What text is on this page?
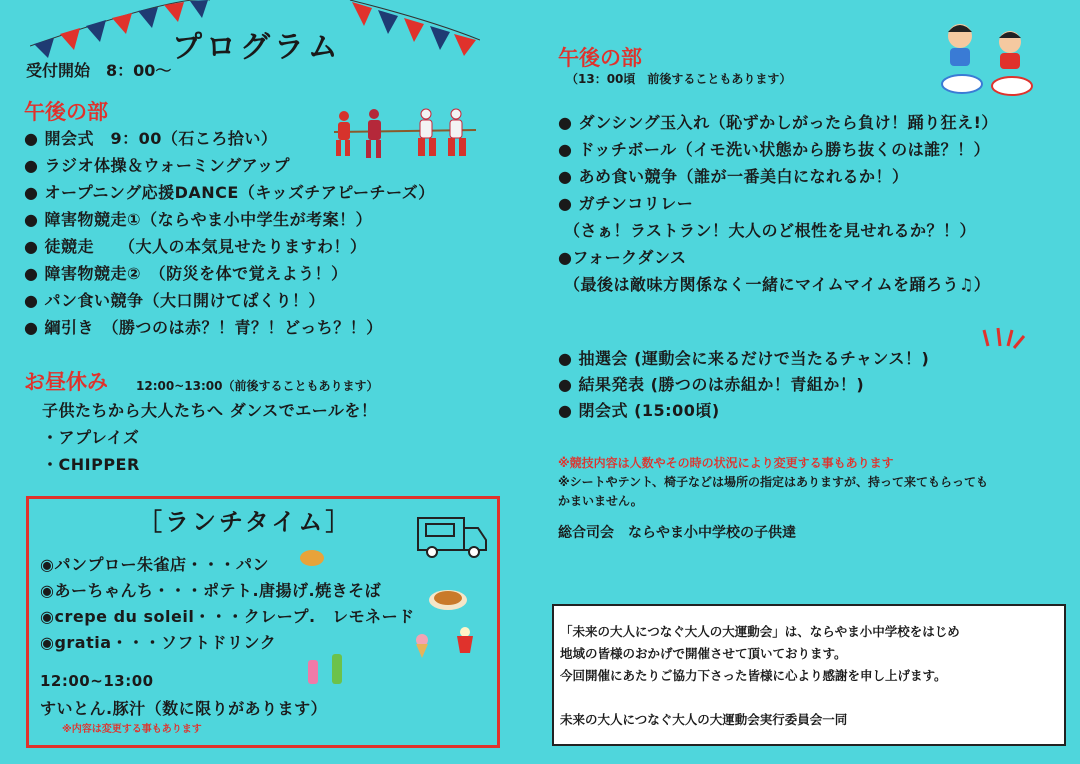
プログラム
受付開始　8：00〜
午後の部
● 開会式　9：00（石ころ拾い）
● ラジオ体操＆ウォーミングアップ
● オープニング応援DANCE（キッズチアピーチーズ）
● 障害物競走①（ならやま小中学生が考案！）
● 徒競走　　（大人の本気見せたりますわ！）
● 障害物競走②　（防災を体で覚えよう！）
● パン食い競争（大口開けてぱくり！）
● 綱引き　（勝つのは赤？！青？！どっち？！）
お昼休み 12:00~13:00（前後することもあります）
子供たちから大人たちへ ダンスでエールを！
・アプレイズ
・CHIPPER
［ランチタイム］
◉パンプロー朱雀店・・・パン
◉あーちゃんち・・・ポテト.唐揚げ.焼きそば
◉crepe du soleil・・・クレープ.　レモネード
◉gratia・・・ソフトドリンク
12:00~13:00
すいとん.豚汁（数に限りがあります）
※内容は変更する事もあります
午後の部
（13：00頃　前後することもあります）
● ダンシング玉入れ（恥ずかしがったら負け！踊り狂え!）
● ドッチボール（イモ洗い状態から勝ち抜くのは誰？！）
● あめ食い競争（誰が一番美白になれるか！）
● ガチンコリレー
（さぁ！ラストラン！大人のど根性を見せれるか？！）
●フォークダンス
（最後は敵味方関係なく一緒にマイムマイムを踊ろう♫）
● 抽選会 (運動会に来るだけで当たるチャンス！)
● 結果発表 (勝つのは赤組か！青組か！)
● 閉会式 (15:00頃)
※競技内容は人数やその時の状況により変更する事もあります
※シートやテント、椅子などは場所の指定はありますが、持って来てもらっても
かまいません。
総合司会　ならやま小中学校の子供達
「未来の大人につなぐ大人の大運動会」は、ならやま小中学校をはじめ
地域の皆様のおかげで開催させて頂いております。
今回開催にあたりご協力下さった皆様に心より感謝を申し上げます。
未来の大人につなぐ大人の大運動会実行委員会一同
